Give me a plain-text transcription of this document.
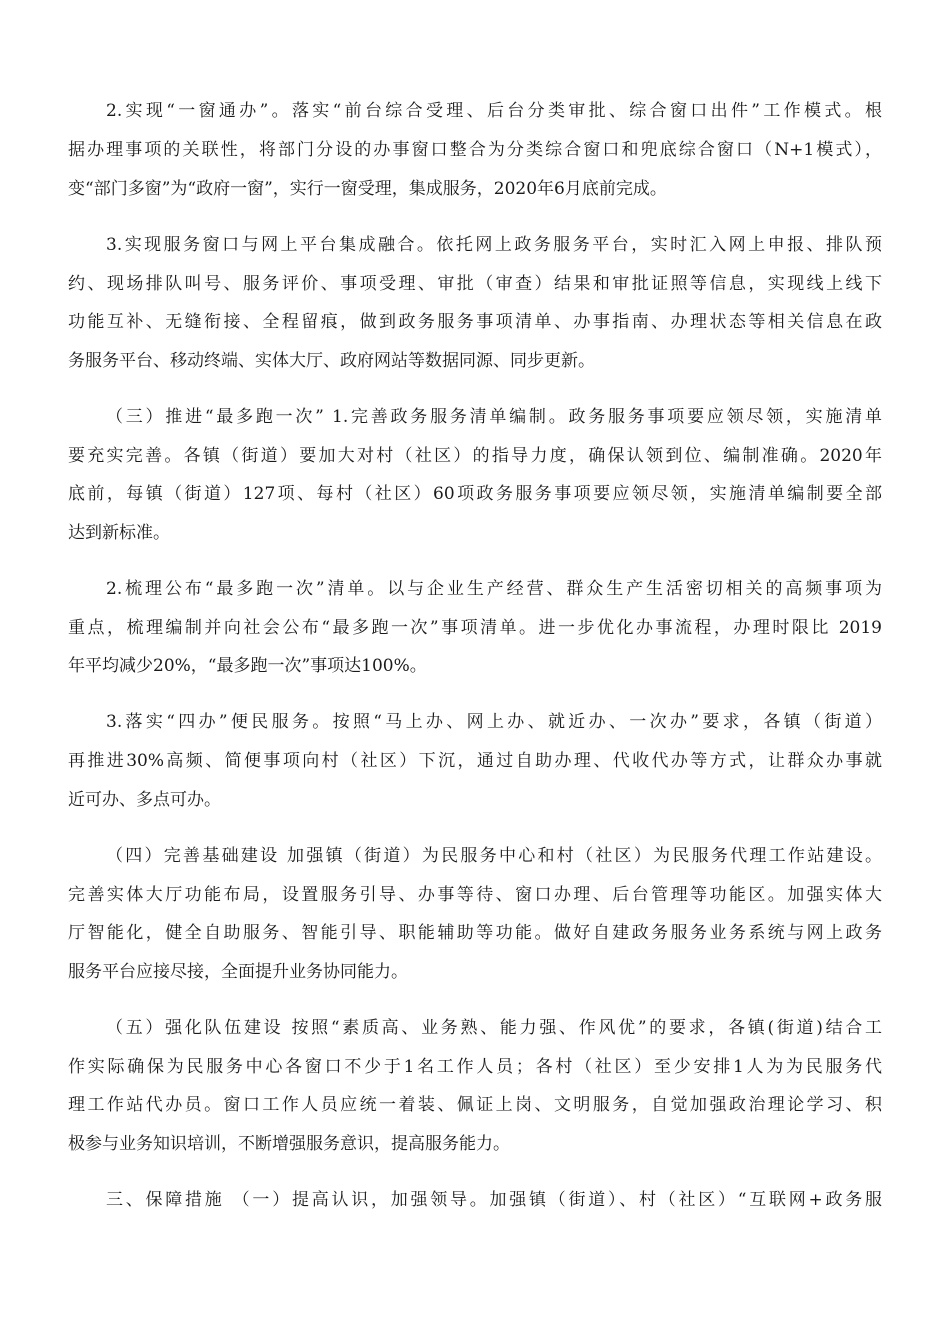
2.实现“一窗通办”。落实“前台综合受理、后台分类审批、综合窗口出件”工作模式。根

据办理事项的关联性，将部门分设的办事窗口整合为分类综合窗口和兜底综合窗口（N+1模式），

变“部门多窗”为“政府一窗”，实行一窗受理，集成服务，2020年6月底前完成。

3.实现服务窗口与网上平台集成融合。依托网上政务服务平台，实时汇入网上申报、排队预

约、现场排队叫号、服务评价、事项受理、审批（审查）结果和审批证照等信息，实现线上线下

功能互补、无缝衔接、全程留痕，做到政务服务事项清单、办事指南、办理状态等相关信息在政

务服务平台、移动终端、实体大厅、政府网站等数据同源、同步更新。

（三）推进“最多跑一次” 1.完善政务服务清单编制。政务服务事项要应领尽领，实施清单

要充实完善。各镇（街道）要加大对村（社区）的指导力度，确保认领到位、编制准确。2020年

底前，每镇（街道）127项、每村（社区）60项政务服务事项要应领尽领，实施清单编制要全部

达到新标准。

2.梳理公布“最多跑一次”清单。以与企业生产经营、群众生产生活密切相关的高频事项为

重点，梳理编制并向社会公布“最多跑一次”事项清单。进一步优化办事流程，办理时限比 2019

年平均减少20%，“最多跑一次”事项达100%。

3.落实“四办”便民服务。按照“马上办、网上办、就近办、一次办”要求，各镇（街道）

再推进30%高频、简便事项向村（社区）下沉，通过自助办理、代收代办等方式，让群众办事就

近可办、多点可办。

（四）完善基础建设 加强镇（街道）为民服务中心和村（社区）为民服务代理工作站建设。

完善实体大厅功能布局，设置服务引导、办事等待、窗口办理、后台管理等功能区。加强实体大

厅智能化，健全自助服务、智能引导、职能辅助等功能。做好自建政务服务业务系统与网上政务

服务平台应接尽接，全面提升业务协同能力。

（五）强化队伍建设 按照“素质高、业务熟、能力强、作风优”的要求，各镇(街道)结合工

作实际确保为民服务中心各窗口不少于1名工作人员；各村（社区）至少安排1人为为民服务代

理工作站代办员。窗口工作人员应统一着装、佩证上岗、文明服务，自觉加强政治理论学习、积

极参与业务知识培训，不断增强服务意识，提高服务能力。

三、保障措施 （一）提高认识，加强领导。加强镇（街道）、村（社区）“互联网+政务服
